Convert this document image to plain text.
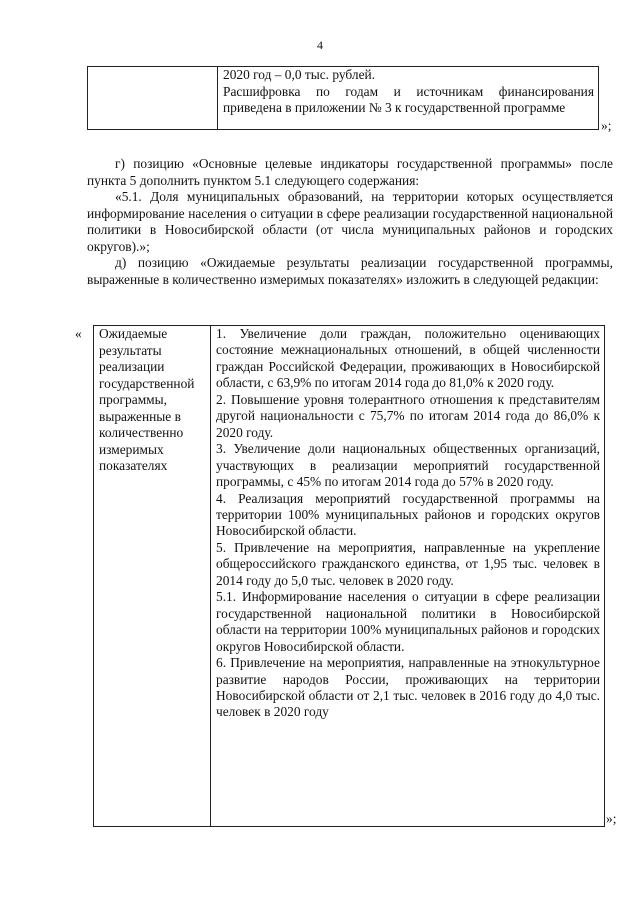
4

2020 год – 0,0 тыс. рублей.

Расшифровка по годам и источникам финансирования приведена в приложении № 3 к государственной программе

»;

г) позицию «Основные целевые индикаторы государственной программы» после пункта 5 дополнить пунктом 5.1 следующего содержания:

«5.1. Доля муниципальных образований, на территории которых осуществляется информирование населения о ситуации в сфере реализации государственной национальной политики в Новосибирской области (от числа муниципальных районов и городских округов).»;

д) позицию «Ожидаемые результаты реализации государственной программы, выраженные в количественно измеримых показателях» изложить в следующей редакции:

«	Ожидаемые результаты реализации государственной программы, выраженные в количественно измеримых показателях

1. Увеличение доли граждан, положительно оценивающих состояние межнациональных отношений, в общей численности граждан Российской Федерации, проживающих в Новосибирской области, с 63,9% по итогам 2014 года до 81,0% к 2020 году.

2. Повышение уровня толерантного отношения к представителям другой национальности с 75,7% по итогам 2014 года до 86,0% к 2020 году.

3. Увеличение доли национальных общественных организаций, участвующих в реализации мероприятий государственной программы, с 45% по итогам 2014 года до 57% в 2020 году.

4. Реализация мероприятий государственной программы на территории 100% муниципальных районов и городских округов Новосибирской области.

5. Привлечение на мероприятия, направленные на укрепление общероссийского гражданского единства, от 1,95 тыс. человек в 2014 году до 5,0 тыс. человек в 2020 году.

5.1. Информирование населения о ситуации в сфере реализации государственной национальной политики в Новосибирской области на территории 100% муниципальных районов и городских округов Новосибирской области.

6. Привлечение на мероприятия, направленные на этнокультурное развитие народов России, проживающих на территории Новосибирской области от 2,1 тыс. человек в 2016 году до 4,0 тыс. человек в 2020 году

»;
